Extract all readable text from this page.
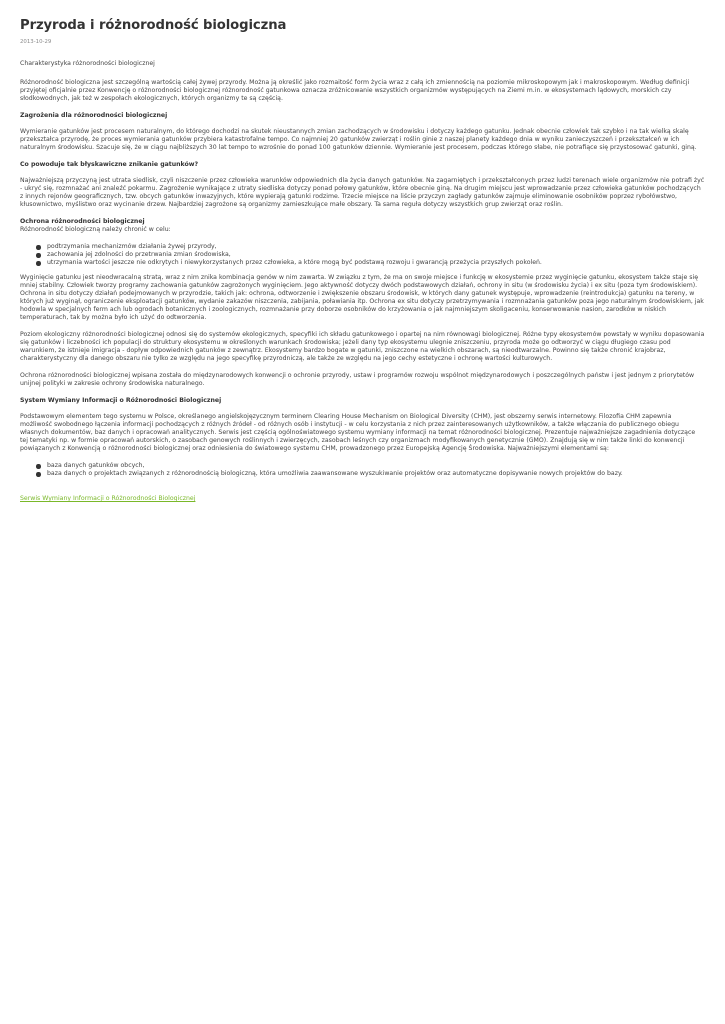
Przyroda i różnorodność biologiczna
2013-10-29

Charakterystyka różnorodności biologicznej

Różnorodność biologiczna jest szczególną wartością całej żywej przyrody. Można ją określić jako rozmaitość form życia wraz z całą ich zmiennością na poziomie mikroskopowym jak i makroskopowym. Według definicji przyjętej oficjalnie przez Konwencję o różnorodności biologicznej różnorodność gatunkowa oznacza zróżnicowanie wszystkich organizmów występujących na Ziemi m.in. w ekosystemach lądowych, morskich czy słodkowodnych, jak też w zespołach ekologicznych, których organizmy te są częścią.

Zagrożenia dla różnorodności biologicznej

Wymieranie gatunków jest procesem naturalnym, do którego dochodzi na skutek nieustannych zmian zachodzących w środowisku i dotyczy każdego gatunku. Jednak obecnie człowiek tak szybko i na tak wielką skalę przekształca przyrodę, że proces wymierania gatunków przybiera katastrofalne tempo. Co najmniej 20 gatunków zwierząt i roślin ginie z naszej planety każdego dnia w wyniku zanieczyszczeń i przekształceń w ich naturalnym środowisku. Szacuje się, że w ciągu najbliższych 30 lat tempo to wzrośnie do ponad 100 gatunków dziennie. Wymieranie jest procesem, podczas którego słabe, nie potrafiące się przystosować gatunki, giną.

Co powoduje tak błyskawiczne znikanie gatunków?

Najważniejszą przyczyną jest utrata siedlisk, czyli niszczenie przez człowieka warunków odpowiednich dla życia danych gatunków. Na zagarniętych i przekształconych przez ludzi terenach wiele organizmów nie potrafi żyć - ukryć się, rozmnażać ani znaleźć pokarmu. Zagrożenie wynikające z utraty siedliska dotyczy ponad połowy gatunków, które obecnie giną. Na drugim miejscu jest wprowadzanie przez człowieka gatunków pochodzących z innych rejonów geograficznych, tzw. obcych gatunków inwazyjnych, które wypierają gatunki rodzime. Trzecie miejsce na liście przyczyn zagłady gatunków zajmuje eliminowanie osobników poprzez rybołówstwo, kłusownictwo, myślistwo oraz wycinanie drzew. Najbardziej zagrożone są organizmy zamieszkujące małe obszary. Ta sama reguła dotyczy wszystkich grup zwierząt oraz roślin.

Ochrona różnorodności biologicznej

Różnorodność biologiczną należy chronić w celu:

podtrzymania mechanizmów działania żywej przyrody,
zachowania jej zdolności do przetrwania zmian środowiska,
utrzymania wartości jeszcze nie odkrytych i niewykorzystanych przez człowieka, a które mogą być podstawą rozwoju i gwarancją przeżycia przyszłych pokoleń.

Wyginięcie gatunku jest nieodwracalną stratą, wraz z nim znika kombinacja genów w nim zawarta. W związku z tym, że ma on swoje miejsce i funkcję w ekosystemie przez wyginięcie gatunku, ekosystem także staje się mniej stabilny. Człowiek tworzy programy zachowania gatunków zagrożonych wyginięciem. Jego aktywność dotyczy dwóch podstawowych działań, ochrony in situ (w środowisku życia) i ex situ (poza tym środowiskiem). Ochrona in situ dotyczy działań podejmowanych w przyrodzie, takich jak: ochrona, odtworzenie i zwiększenie obszaru środowisk, w których dany gatunek występuje, wprowadzenie (reintrodukcja) gatunku na tereny, w których już wyginął, ograniczenie eksploatacji gatunków, wydanie zakazów niszczenia, zabijania, poławiania itp. Ochrona ex situ dotyczy przetrzymywania i rozmnażania gatunków poza jego naturalnym środowiskiem, jak hodowla w specjalnych ferm ach lub ogrodach botanicznych i zoologicznych, rozmnażanie przy doborze osobników do krzyżowania o jak najmniejszym skoligaceniu, konserwowanie nasion, zarodków w niskich temperaturach, tak by można było ich użyć do odtworzenia.

Poziom ekologiczny różnorodności biologicznej odnosi się do systemów ekologicznych, specyfiki ich składu gatunkowego i opartej na nim równowagi biologicznej. Różne typy ekosystemów powstały w wyniku dopasowania się gatunków i liczebności ich populacji do struktury ekosystemu w określonych warunkach środowiska; jeżeli dany typ ekosystemu ulegnie zniszczeniu, przyroda może go odtworzyć w ciągu długiego czasu pod warunkiem, że istnieje imigracja - dopływ odpowiednich gatunków z zewnątrz. Ekosystemy bardzo bogate w gatunki, zniszczone na wielkich obszarach, są nieodtwarzalne. Powinno się także chronić krajobraz, charakterystyczny dla danego obszaru nie tylko ze względu na jego specyfikę przyrodniczą, ale także ze względu na jego cechy estetyczne i ochronę wartości kulturowych.

Ochrona różnorodności biologicznej wpisana została do międzynarodowych konwencji o ochronie przyrody, ustaw i programów rozwoju wspólnot międzynarodowych i poszczególnych państw i jest jednym z priorytetów unijnej polityki w zakresie ochrony środowiska naturalnego.

System Wymiany Informacji o Różnorodności Biologicznej

Podstawowym elementem tego systemu w Polsce, określanego angielskojęzycznym terminem Clearing House Mechanism on Biological Diversity (CHM), jest obszerny serwis internetowy. Filozofia CHM zapewnia możliwość swobodnego łączenia informacji pochodzących z różnych źródeł - od różnych osób i instytucji - w celu korzystania z nich przez zainteresowanych użytkowników, a także włączania do publicznego obiegu własnych dokumentów, baz danych i opracowań analitycznych. Serwis jest częścią ogólnoświatowego systemu wymiany informacji na temat różnorodności biologicznej. Prezentuje najważniejsze zagadnienia dotyczące tej tematyki np. w formie opracowań autorskich, o zasobach genowych roślinnych i zwierzęcych, zasobach leśnych czy organizmach modyfikowanych genetycznie (GMO). Znajdują się w nim także linki do konwencji powiązanych z Konwencją o różnorodności biologicznej oraz odniesienia do światowego systemu CHM, prowadzonego przez Europejską Agencję Środowiska. Najważniejszymi elementami są:

baza danych gatunków obcych,
baza danych o projektach związanych z różnorodnością biologiczną, która umożliwia zaawansowane wyszukiwanie projektów oraz automatyczne dopisywanie nowych projektów do bazy.
Serwis Wymiany Informacji o Różnorodności Biologicznej
